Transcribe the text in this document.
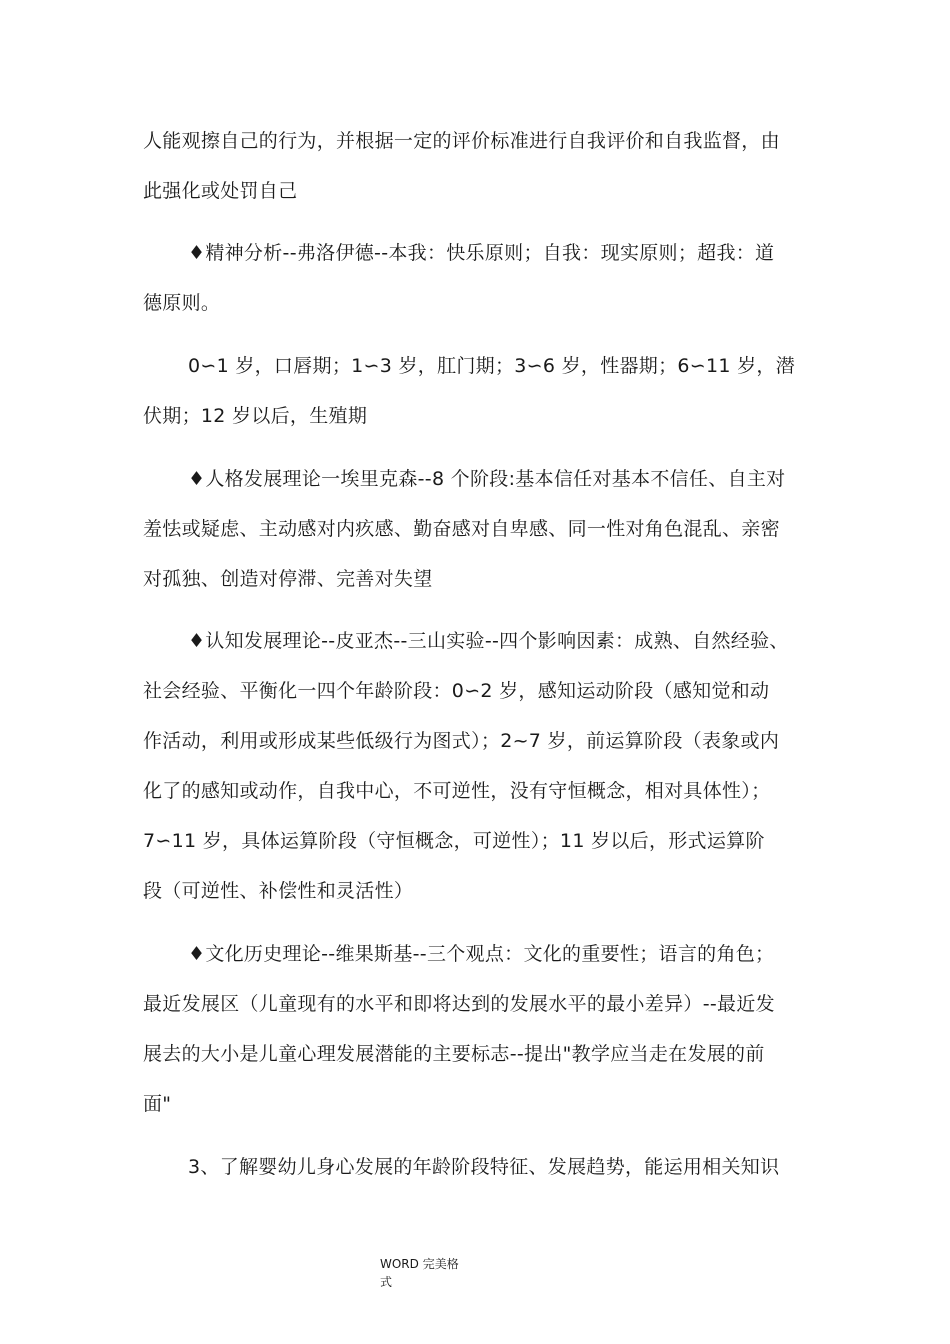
人能观擦自己的行为，并根据一定的评价标准进行自我评价和自我监督，由
此强化或处罚自己
♦精神分析--弗洛伊德--本我：快乐原则；自我：现实原则；超我：道
德原则。
0∽1 岁，口唇期；1∽3 岁，肛门期；3∽6 岁，性器期；6∽11 岁，潜
伏期；12 岁以后，生殖期
♦人格发展理论一埃里克森--8 个阶段:基本信任对基本不信任、自主对
羞怯或疑虑、主动感对内疚感、勤奋感对自卑感、同一性对角色混乱、亲密
对孤独、创造对停滞、完善对失望
♦认知发展理论--皮亚杰--三山实验--四个影响因素：成熟、自然经验、
社会经验、平衡化一四个年龄阶段：0∽2 岁，感知运动阶段（感知觉和动
作活动，利用或形成某些低级行为图式）；2~7 岁，前运算阶段（表象或内
化了的感知或动作，自我中心，不可逆性，没有守恒概念，相对具体性）；
7∽11 岁，具体运算阶段（守恒概念，可逆性）；11 岁以后，形式运算阶
段（可逆性、补偿性和灵活性）
♦文化历史理论--维果斯基--三个观点：文化的重要性；语言的角色；
最近发展区（儿童现有的水平和即将达到的发展水平的最小差异）--最近发
展去的大小是儿童心理发展潜能的主要标志--提出"教学应当走在发展的前
面"
3、了解婴幼儿身心发展的年龄阶段特征、发展趋势，能运用相关知识
WORD 完美格式
